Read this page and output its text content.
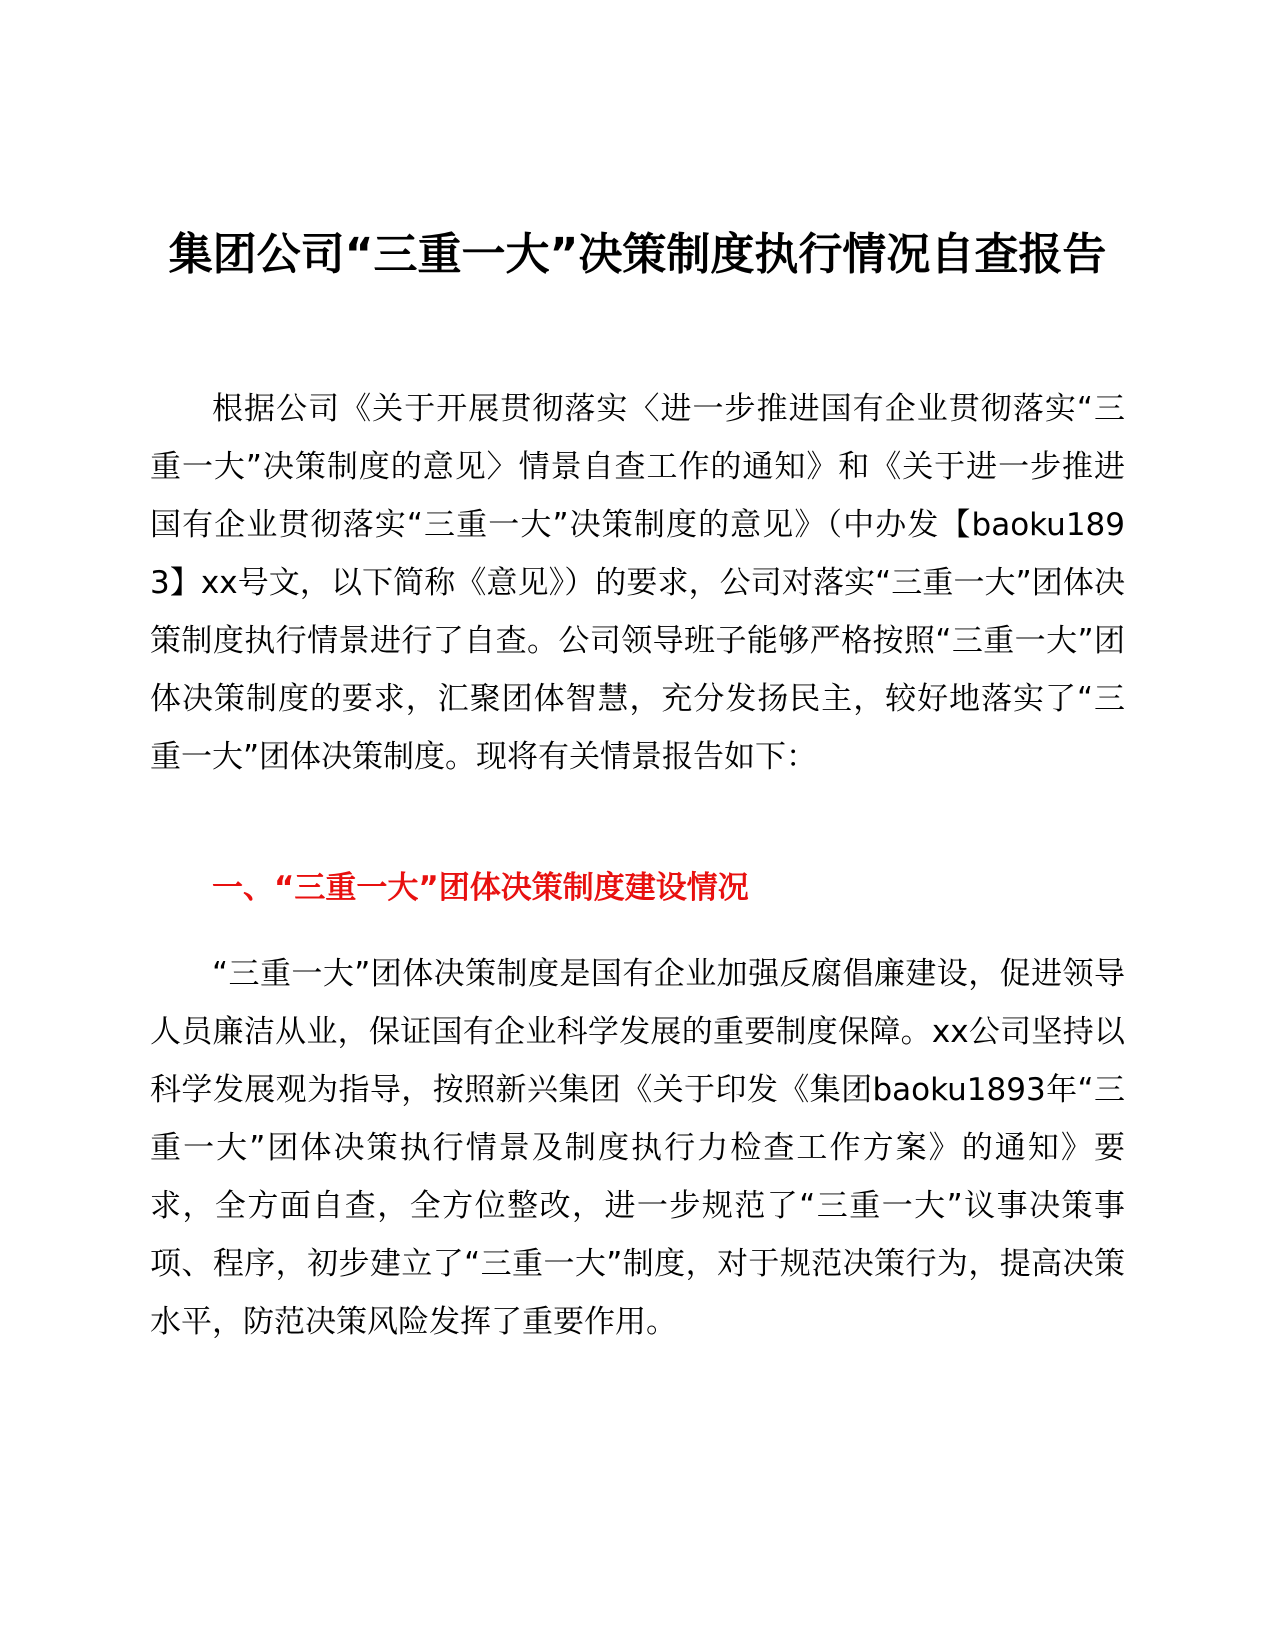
集团公司“三重一大”决策制度执行情况自查报告

根据公司《关于开展贯彻落实〈进一步推进国有企业贯彻落实“三重一大”决策制度的意见〉情景自查工作的通知》和《关于进一步推进国有企业贯彻落实“三重一大”决策制度的意见》（中办发【baoku1893】xx号文，以下简称《意见》）的要求，公司对落实“三重一大”团体决策制度执行情景进行了自查。公司领导班子能够严格按照“三重一大”团体决策制度的要求，汇聚团体智慧，充分发扬民主，较好地落实了“三重一大”团体决策制度。现将有关情景报告如下：

一、“三重一大”团体决策制度建设情况

“三重一大”团体决策制度是国有企业加强反腐倡廉建设，促进领导人员廉洁从业，保证国有企业科学发展的重要制度保障。xx公司坚持以科学发展观为指导，按照新兴集团《关于印发《集团baoku1893年“三重一大”团体决策执行情景及制度执行力检查工作方案》的通知》要求，全方面自查，全方位整改，进一步规范了“三重一大”议事决策事项、程序，初步建立了“三重一大”制度，对于规范决策行为，提高决策水平，防范决策风险发挥了重要作用。
